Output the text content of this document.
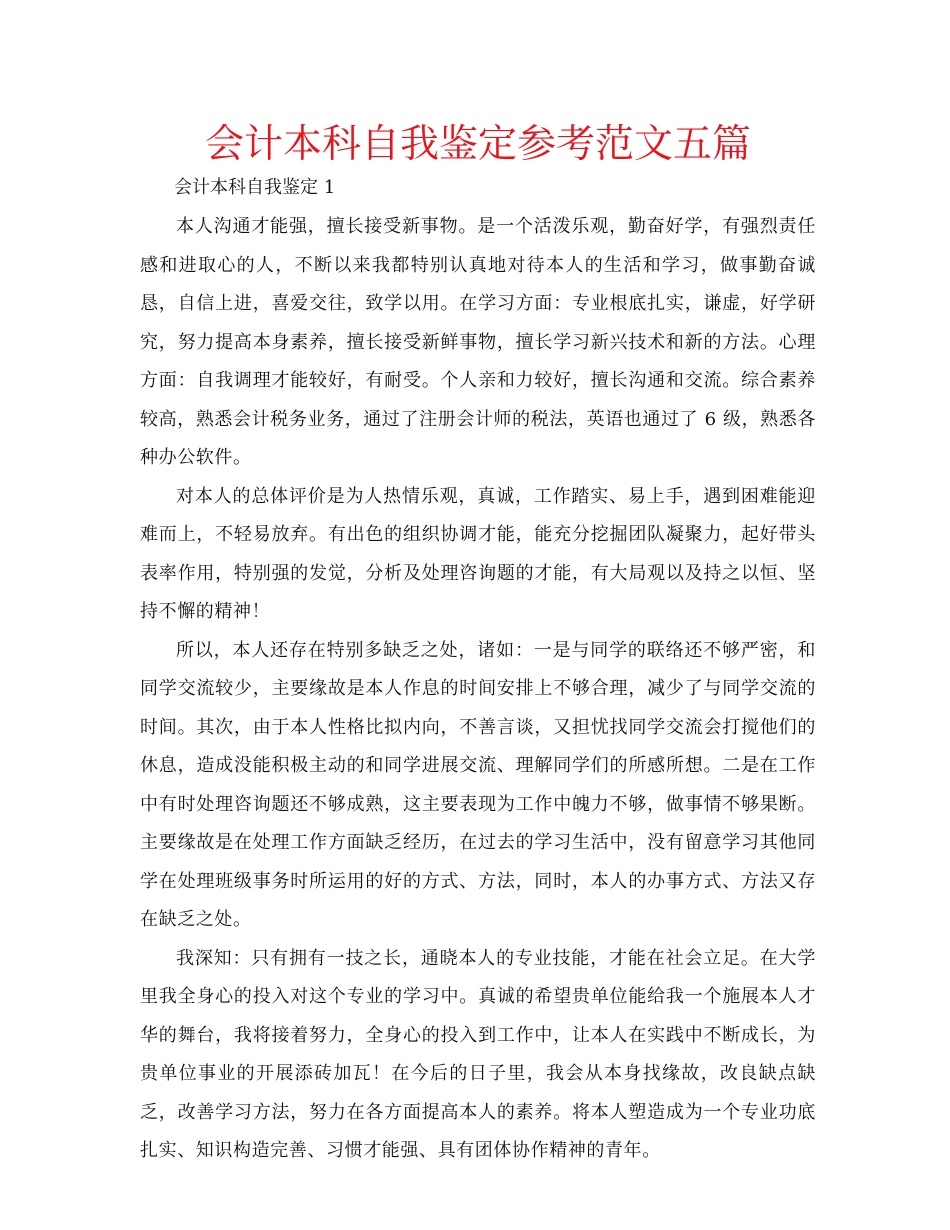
会计本科自我鉴定参考范文五篇

会计本科自我鉴定 1

本人沟通才能强，擅长接受新事物。是一个活泼乐观，勤奋好学，有强烈责任感和进取心的人，不断以来我都特别认真地对待本人的生活和学习，做事勤奋诚恳，自信上进，喜爱交往，致学以用。在学习方面：专业根底扎实，谦虚，好学研究，努力提高本身素养，擅长接受新鲜事物，擅长学习新兴技术和新的方法。心理方面：自我调理才能较好，有耐受。个人亲和力较好，擅长沟通和交流。综合素养较高，熟悉会计税务业务，通过了注册会计师的税法，英语也通过了 6 级，熟悉各种办公软件。

对本人的总体评价是为人热情乐观，真诚，工作踏实、易上手，遇到困难能迎难而上，不轻易放弃。有出色的组织协调才能，能充分挖掘团队凝聚力，起好带头表率作用，特别强的发觉，分析及处理咨询题的才能，有大局观以及持之以恒、坚持不懈的精神！

所以，本人还存在特别多缺乏之处，诸如：一是与同学的联络还不够严密，和同学交流较少，主要缘故是本人作息的时间安排上不够合理，减少了与同学交流的时间。其次，由于本人性格比拟内向，不善言谈，又担忧找同学交流会打搅他们的休息，造成没能积极主动的和同学进展交流、理解同学们的所感所想。二是在工作中有时处理咨询题还不够成熟，这主要表现为工作中魄力不够，做事情不够果断。主要缘故是在处理工作方面缺乏经历，在过去的学习生活中，没有留意学习其他同学在处理班级事务时所运用的好的方式、方法，同时，本人的办事方式、方法又存在缺乏之处。

我深知：只有拥有一技之长，通晓本人的专业技能，才能在社会立足。在大学里我全身心的投入对这个专业的学习中。真诚的希望贵单位能给我一个施展本人才华的舞台，我将接着努力，全身心的投入到工作中，让本人在实践中不断成长，为贵单位事业的开展添砖加瓦！在今后的日子里，我会从本身找缘故，改良缺点缺乏，改善学习方法，努力在各方面提高本人的素养。将本人塑造成为一个专业功底扎实、知识构造完善、习惯才能强、具有团体协作精神的青年。
